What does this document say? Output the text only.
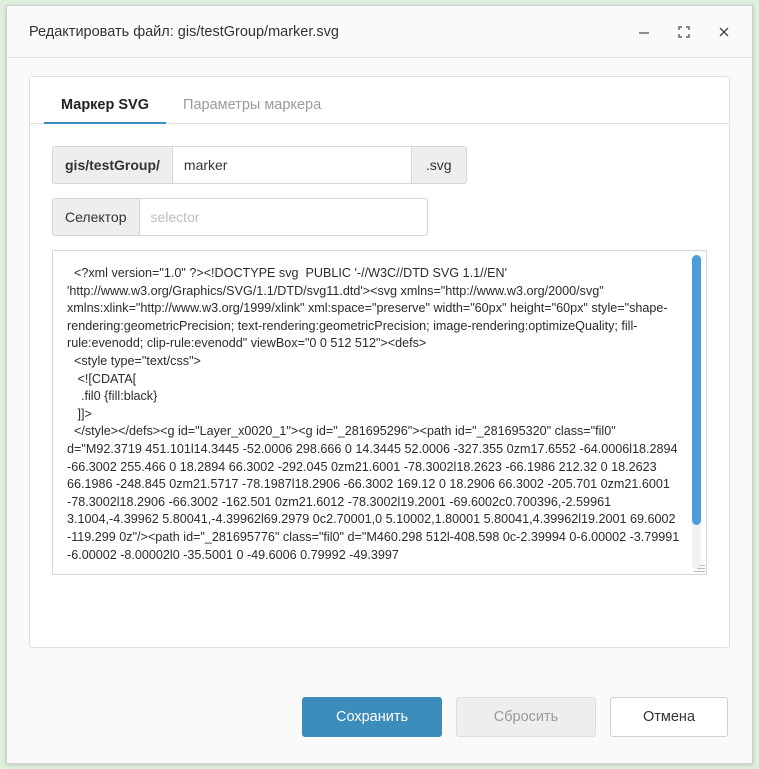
Редактировать файл: gis/testGroup/marker.svg
Маркер SVG	Параметры маркера
gis/testGroup/
marker	.svg
Селектор
selector
<?xml version="1.0" ?><!DOCTYPE svg PUBLIC '-//W3C//DTD SVG 1.1//EN' 'http://www.w3.org/Graphics/SVG/1.1/DTD/svg11.dtd'><svg xmlns="http://www.w3.org/2000/svg" xmlns:xlink="http://www.w3.org/1999/xlink" xml:space="preserve" width="60px" height="60px" style="shape-rendering:geometricPrecision; text-rendering:geometricPrecision; image-rendering:optimizeQuality; fill-rule:evenodd; clip-rule:evenodd" viewBox="0 0 512 512"><defs> <style type="text/css"> <![CDATA[ .fil0 {fill:black} ]]> </style></defs><g id="Layer_x0020_1"><g id="_281695296"><path id="_281695320" class="fil0" d="M92.3719 451.101l14.3445 -52.0006 298.666 0 14.3445 52.0006 -327.355 0zm17.6552 -64.0006l18.2894 -66.3002 255.466 0 18.2894 66.3002 -292.045 0zm21.6001 -78.3002l18.2623 -66.1986 212.32 0 18.2623 66.1986 -248.845 0zm21.5717 -78.1987l18.2906 -66.3002 169.12 0 18.2906 66.3002 -205.701 0zm21.6001 -78.3002l18.2906 -66.3002 -162.501 0zm21.6012 -78.3002l19.2001 -69.6002c0.700396,-2.59961 3.1004,-4.39962 5.80041,-4.39962l69.2979 0c2.70001,0 5.10002,1.80001 5.80041,4.39962l19.2001 69.6002 -119.299 0z"/><path id="_281695776" class="fil0" d="M460.298 512l-408.598 0c-2.39994 0-6.00002 -3.79991 -6.00002 -8.00002l0 -35.5001 0 -49.6006 0.79992 -49.3997
Сохранить	Сбросить	Отмена
